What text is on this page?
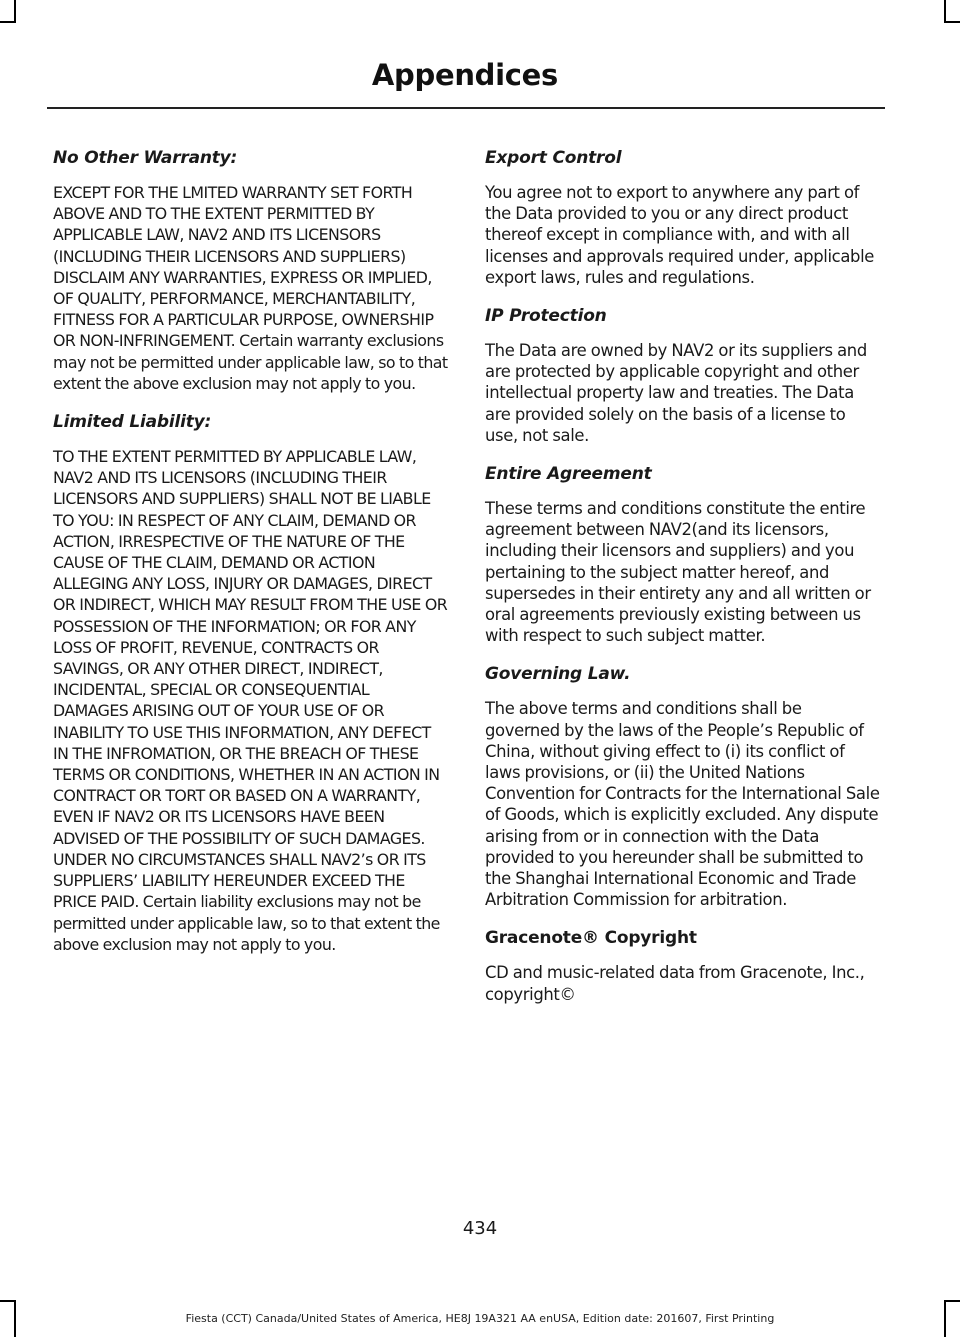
Appendices
No Other Warranty:
EXCEPT FOR THE LMITED WARRANTY SET FORTH ABOVE AND TO THE EXTENT PERMITTED BY APPLICABLE LAW, NAV2 AND ITS LICENSORS (INCLUDING THEIR LICENSORS AND SUPPLIERS) DISCLAIM ANY WARRANTIES, EXPRESS OR IMPLIED, OF QUALITY, PERFORMANCE, MERCHANTABILITY, FITNESS FOR A PARTICULAR PURPOSE, OWNERSHIP OR NON-INFRINGEMENT. Certain warranty exclusions may not be permitted under applicable law, so to that extent the above exclusion may not apply to you.
Limited Liability:
TO THE EXTENT PERMITTED BY APPLICABLE LAW, NAV2 AND ITS LICENSORS (INCLUDING THEIR LICENSORS AND SUPPLIERS) SHALL NOT BE LIABLE TO YOU: IN RESPECT OF ANY CLAIM, DEMAND OR ACTION, IRRESPECTIVE OF THE NATURE OF THE CAUSE OF THE CLAIM, DEMAND OR ACTION ALLEGING ANY LOSS, INJURY OR DAMAGES, DIRECT OR INDIRECT, WHICH MAY RESULT FROM THE USE OR POSSESSION OF THE INFORMATION; OR FOR ANY LOSS OF PROFIT, REVENUE, CONTRACTS OR SAVINGS, OR ANY OTHER DIRECT, INDIRECT, INCIDENTAL, SPECIAL OR CONSEQUENTIAL DAMAGES ARISING OUT OF YOUR USE OF OR INABILITY TO USE THIS INFORMATION, ANY DEFECT IN THE INFROMATION, OR THE BREACH OF THESE TERMS OR CONDITIONS, WHETHER IN AN ACTION IN CONTRACT OR TORT OR BASED ON A WARRANTY, EVEN IF NAV2 OR ITS LICENSORS HAVE BEEN ADVISED OF THE POSSIBILITY OF SUCH DAMAGES. UNDER NO CIRCUMSTANCES SHALL NAV2’s OR ITS SUPPLIERS’ LIABILITY HEREUNDER EXCEED THE PRICE PAID. Certain liability exclusions may not be permitted under applicable law, so to that extent the above exclusion may not apply to you.
Export Control
You agree not to export to anywhere any part of the Data provided to you or any direct product thereof except in compliance with, and with all licenses and approvals required under, applicable export laws, rules and regulations.
IP Protection
The Data are owned by NAV2 or its suppliers and are protected by applicable copyright and other intellectual property law and treaties. The Data are provided solely on the basis of a license to use, not sale.
Entire Agreement
These terms and conditions constitute the entire agreement between NAV2(and its licensors, including their licensors and suppliers) and you pertaining to the subject matter hereof, and supersedes in their entirety any and all written or oral agreements previously existing between us with respect to such subject matter.
Governing Law.
The above terms and conditions shall be governed by the laws of the People’s Republic of China, without giving effect to (i) its conflict of laws provisions, or (ii) the United Nations Convention for Contracts for the International Sale of Goods, which is explicitly excluded. Any dispute arising from or in connection with the Data provided to you hereunder shall be submitted to the Shanghai International Economic and Trade Arbitration Commission for arbitration.
Gracenote® Copyright
CD and music-related data from Gracenote, Inc., copyright©
434
Fiesta (CCT) Canada/United States of America, HE8J 19A321 AA enUSA, Edition date: 201607, First Printing
